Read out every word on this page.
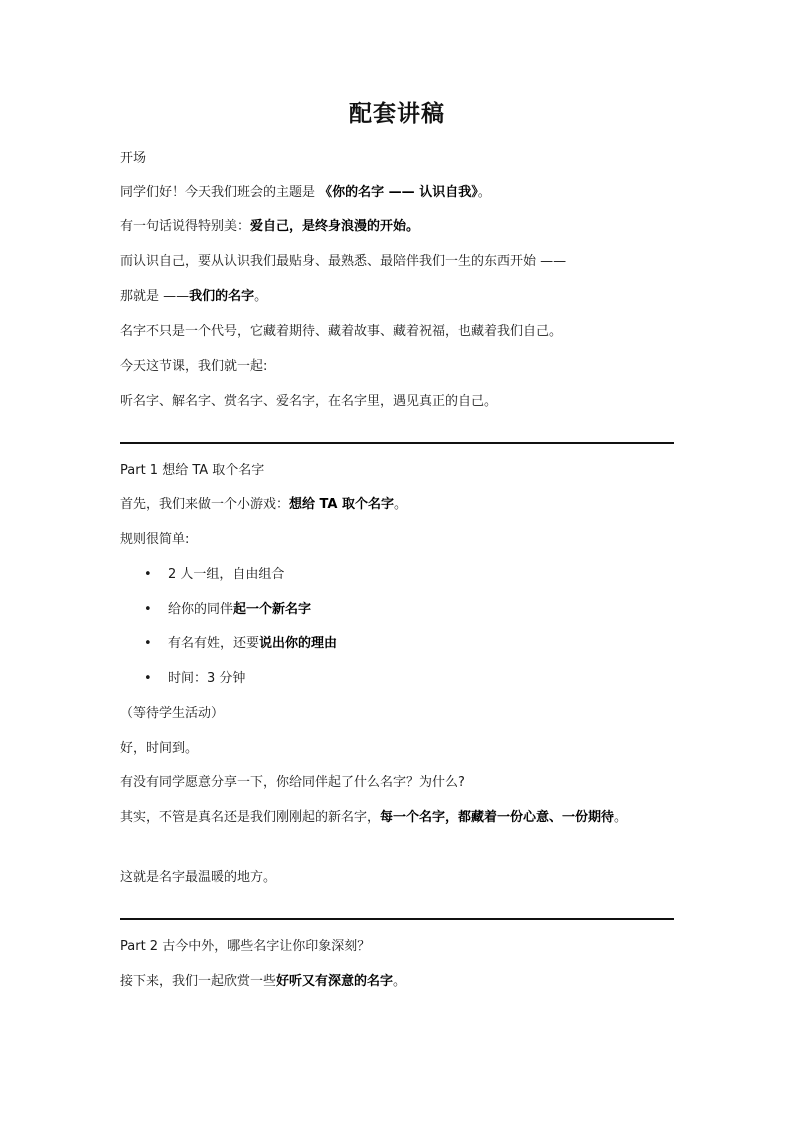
配套讲稿
开场
同学们好！今天我们班会的主题是 《你的名字 —— 认识自我》。
有一句话说得特别美：爱自己，是终身浪漫的开始。
而认识自己，要从认识我们最贴身、最熟悉、最陪伴我们一生的东西开始 ——
那就是 ——我们的名字。
名字不只是一个代号，它藏着期待、藏着故事、藏着祝福，也藏着我们自己。
今天这节课，我们就一起:
听名字、解名字、赏名字、爱名字，在名字里，遇见真正的自己。
Part 1 想给 TA 取个名字
首先，我们来做一个小游戏：想给 TA 取个名字。
规则很简单:
• 2 人一组，自由组合
• 给你的同伴起一个新名字
• 有名有姓，还要说出你的理由
• 时间：3 分钟
（等待学生活动）
好，时间到。
有没有同学愿意分享一下，你给同伴起了什么名字？为什么?
其实，不管是真名还是我们刚刚起的新名字，每一个名字，都藏着一份心意、一份期待。
这就是名字最温暖的地方。
Part 2 古今中外，哪些名字让你印象深刻？
接下来，我们一起欣赏一些好听又有深意的名字。
